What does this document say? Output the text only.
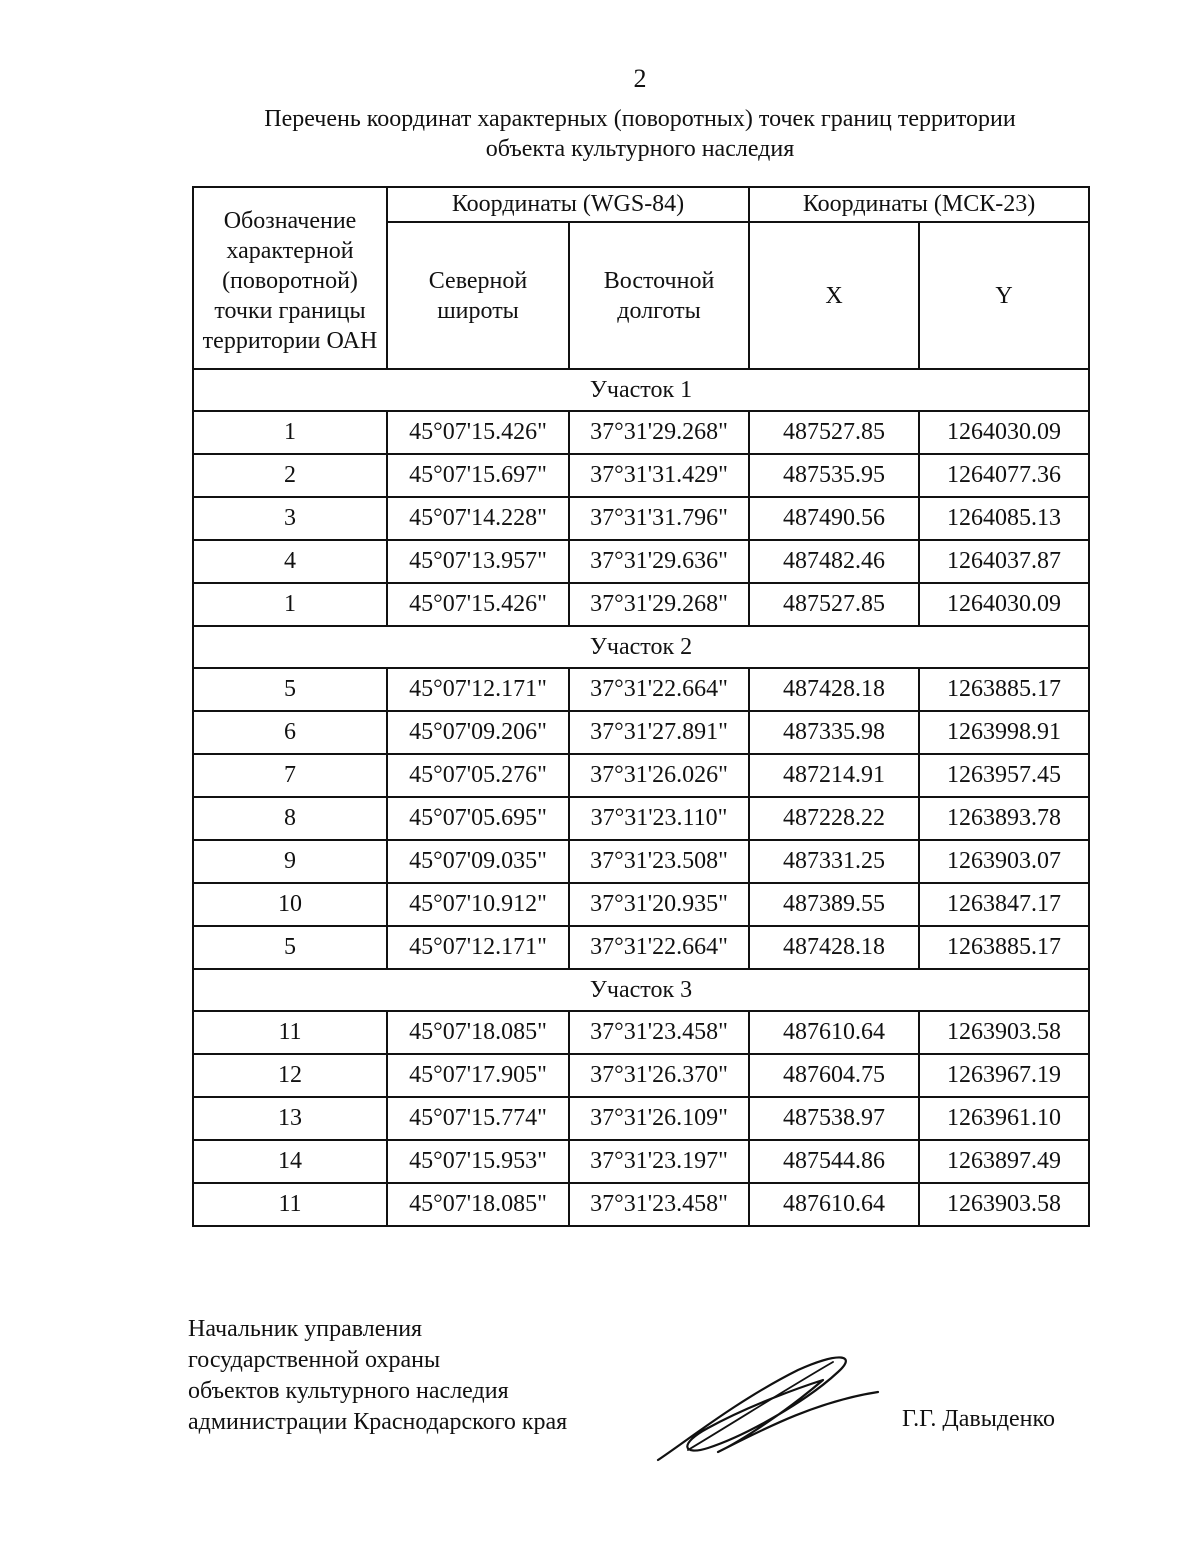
2
Перечень координат характерных (поворотных) точек границ территории
объекта культурного наследия
Обозначение характерной (поворотной) точки границы территории ОАН	Координаты (WGS-84)		Координаты (МСК-23)	
	Северной широты	Восточной долготы	X	Y
Участок 1				
1	45°07'15.426"	37°31'29.268"	487527.85	1264030.09
2	45°07'15.697"	37°31'31.429"	487535.95	1264077.36
3	45°07'14.228"	37°31'31.796"	487490.56	1264085.13
4	45°07'13.957"	37°31'29.636"	487482.46	1264037.87
1	45°07'15.426"	37°31'29.268"	487527.85	1264030.09
Участок 2				
5	45°07'12.171"	37°31'22.664"	487428.18	1263885.17
6	45°07'09.206"	37°31'27.891"	487335.98	1263998.91
7	45°07'05.276"	37°31'26.026"	487214.91	1263957.45
8	45°07'05.695"	37°31'23.110"	487228.22	1263893.78
9	45°07'09.035"	37°31'23.508"	487331.25	1263903.07
10	45°07'10.912"	37°31'20.935"	487389.55	1263847.17
5	45°07'12.171"	37°31'22.664"	487428.18	1263885.17
Участок 3				
11	45°07'18.085"	37°31'23.458"	487610.64	1263903.58
12	45°07'17.905"	37°31'26.370"	487604.75	1263967.19
13	45°07'15.774"	37°31'26.109"	487538.97	1263961.10
14	45°07'15.953"	37°31'23.197"	487544.86	1263897.49
11	45°07'18.085"	37°31'23.458"	487610.64	1263903.58
Начальник управления
государственной охраны
объектов культурного наследия
администрации Краснодарского края	Г.Г. Давыденко
